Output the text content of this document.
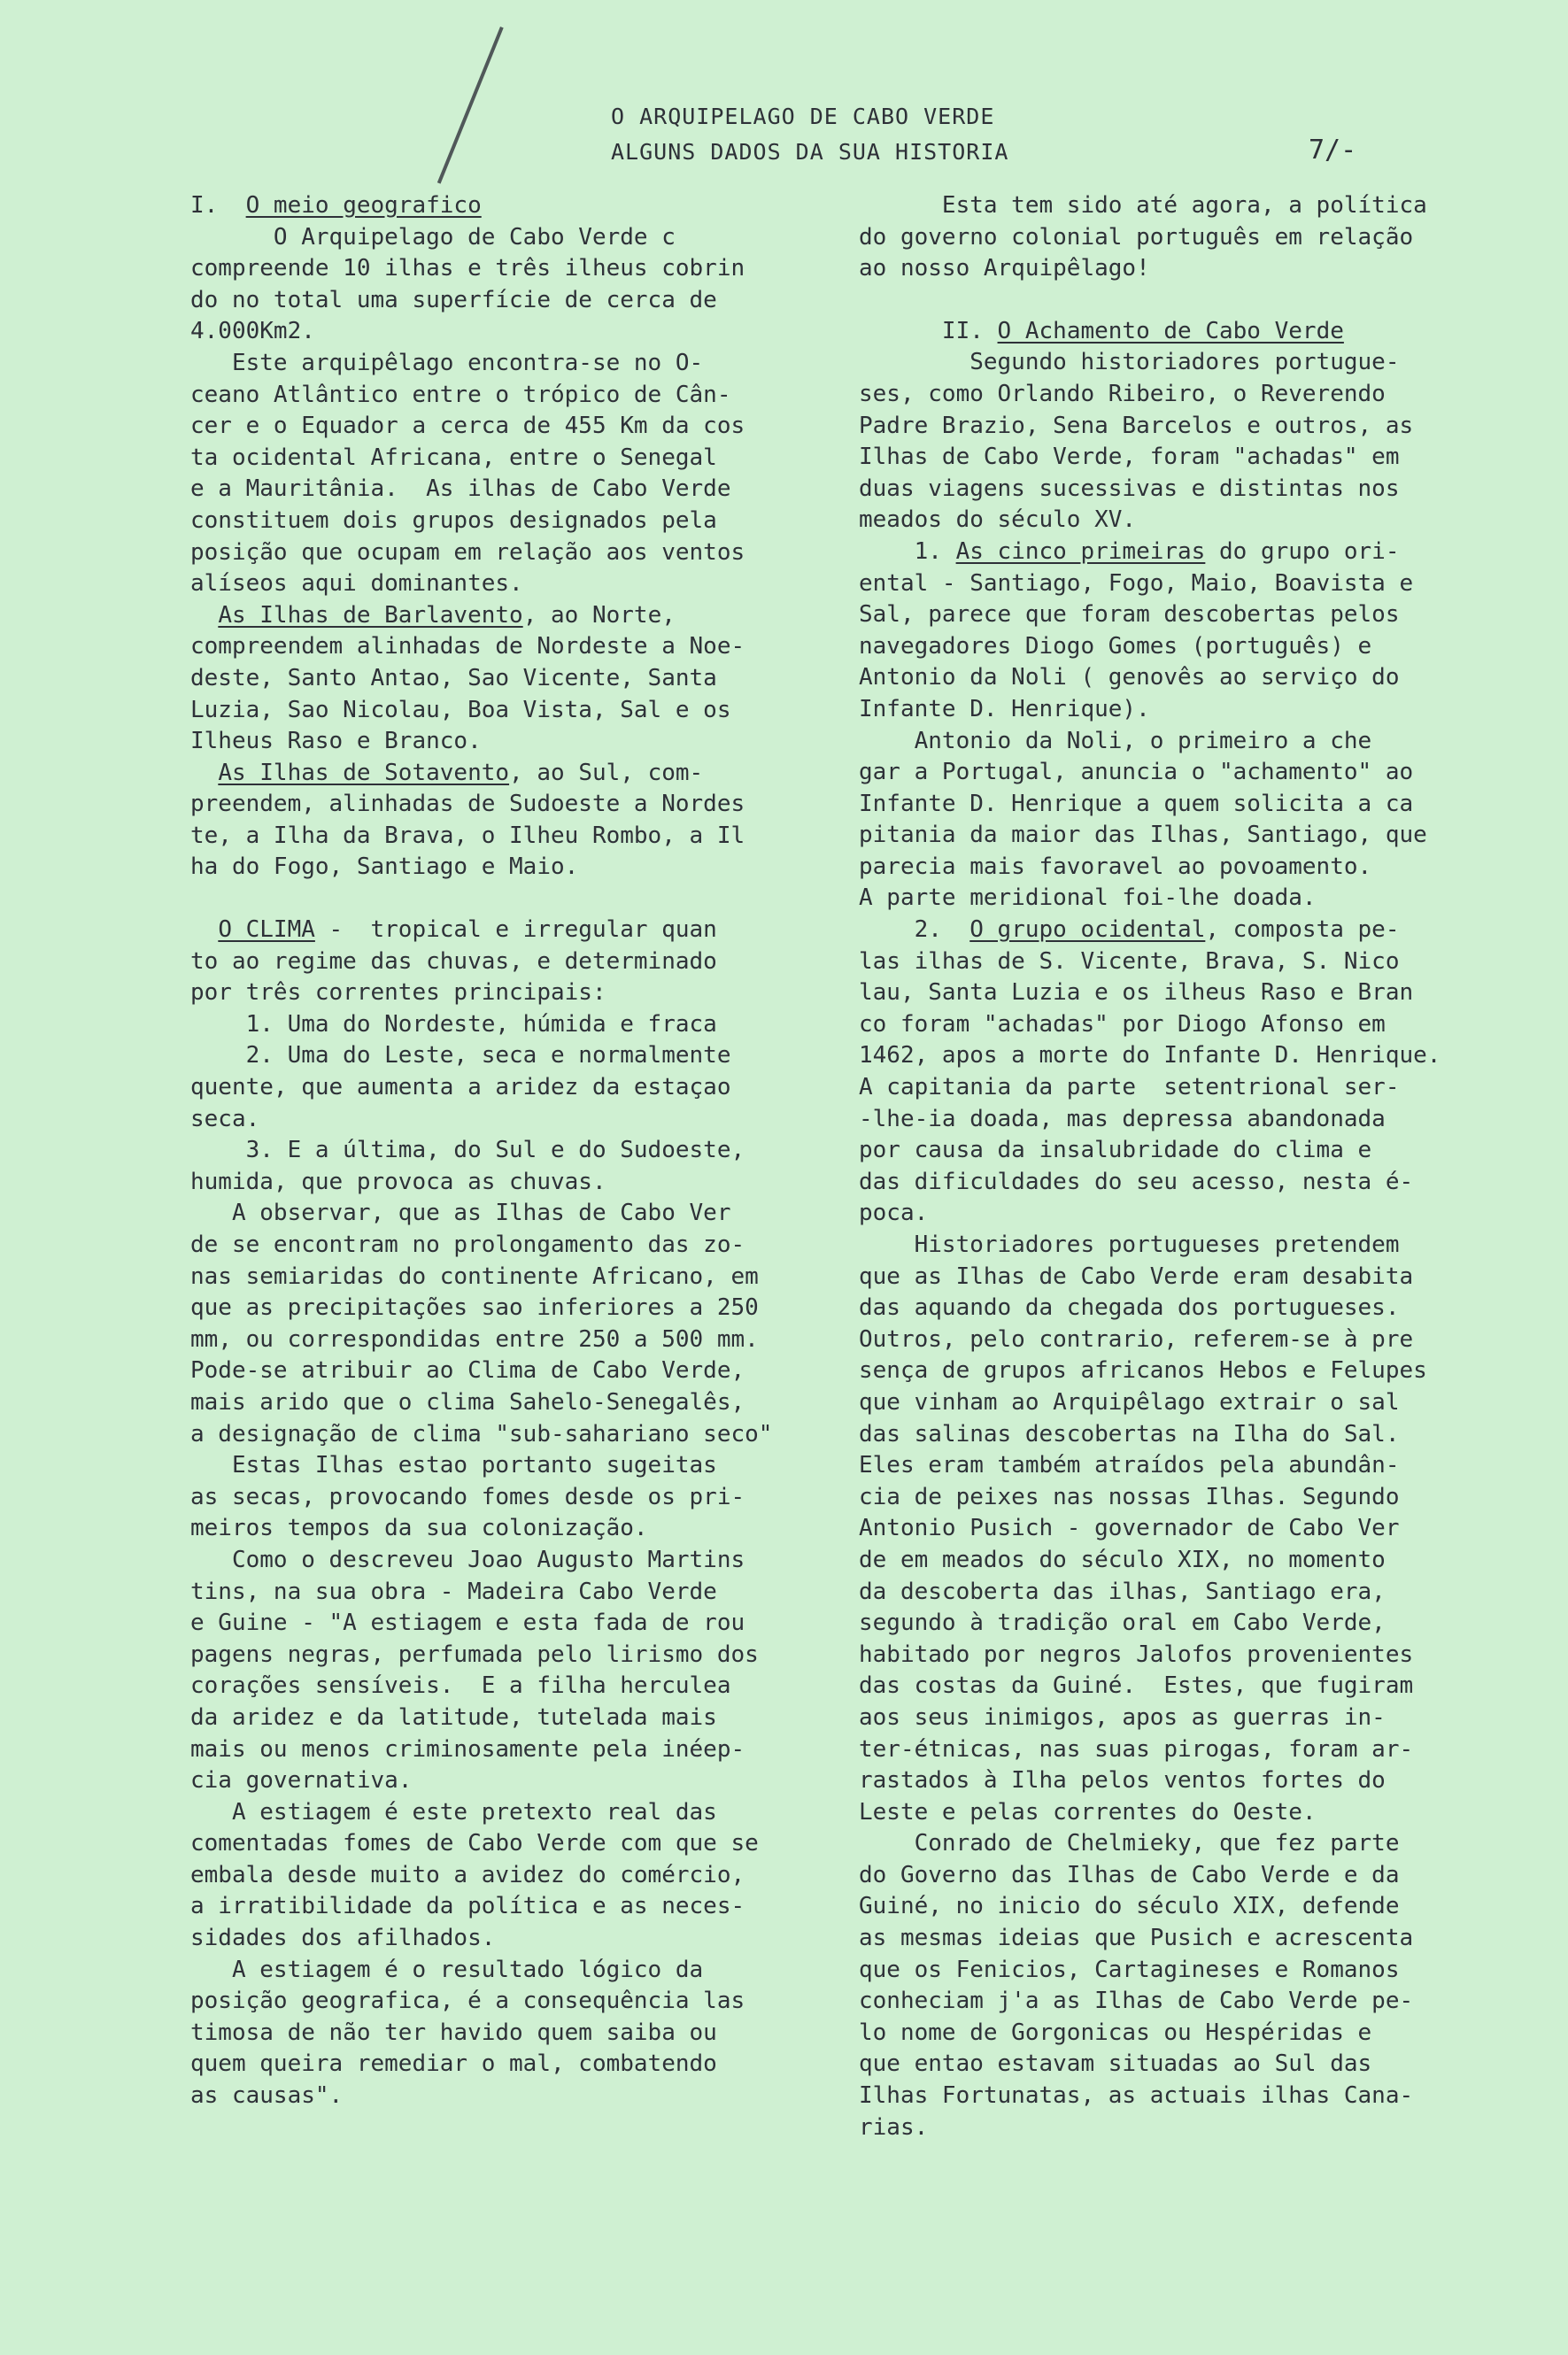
O ARQUIPELAGO DE CABO VERDE
ALGUNS DADOS DA SUA HISTORIA	7/-
I.  O meio geografico
O Arquipelago de Cabo Verde c
compreende 10 ilhas e três ilheus cobrin
do no total uma superfície de cerca de
4.000Km2.
Este arquipêlago encontra-se no O-
ceano Atlântico entre o trópico de Cân-
cer e o Equador a cerca de 455 Km da cos
ta ocidental Africana, entre o Senegal
e a Mauritânia.  As ilhas de Cabo Verde
constituem dois grupos designados pela
posição que ocupam em relação aos ventos
alíseos aqui dominantes.
As Ilhas de Barlavento, ao Norte,
compreendem alinhadas de Nordeste a Noe-
deste, Santo Antao, Sao Vicente, Santa
Luzia, Sao Nicolau, Boa Vista, Sal e os
Ilheus Raso e Branco.
As Ilhas de Sotavento, ao Sul, com-
preendem, alinhadas de Sudoeste a Nordes
te, a Ilha da Brava, o Ilheu Rombo, a Il
ha do Fogo, Santiago e Maio.
O CLIMA -  tropical e irregular quan
to ao regime das chuvas, e determinado
por três correntes principais:
1. Uma do Nordeste, húmida e fraca
2. Uma do Leste, seca e normalmente
quente, que aumenta a aridez da estaçao
seca.
3. E a última, do Sul e do Sudoeste,
humida, que provoca as chuvas.
A observar, que as Ilhas de Cabo Ver
de se encontram no prolongamento das zo-
nas semiaridas do continente Africano, em
que as precipitações sao inferiores a 250
mm, ou correspondidas entre 250 a 500 mm.
Pode-se atribuir ao Clima de Cabo Verde,
mais arido que o clima Sahelo-Senegalês,
a designação de clima "sub-sahariano seco"
Estas Ilhas estao portanto sugeitas
as secas, provocando fomes desde os pri-
meiros tempos da sua colonização.
Como o descreveu Joao Augusto Martins
tins, na sua obra - Madeira Cabo Verde
e Guine - "A estiagem e esta fada de rou
pagens negras, perfumada pelo lirismo dos
corações sensíveis.  E a filha herculea
da aridez e da latitude, tutelada mais
mais ou menos criminosamente pela inéep-
cia governativa.
A estiagem é este pretexto real das
comentadas fomes de Cabo Verde com que se
embala desde muito a avidez do comércio,
a irratibilidade da política e as neces-
sidades dos afilhados.
A estiagem é o resultado lógico da
posição geografica, é a consequência las
timosa de não ter havido quem saiba ou
quem queira remediar o mal, combatendo
as causas".
Esta tem sido até agora, a política
do governo colonial português em relação
ao nosso Arquipêlago!
II. O Achamento de Cabo Verde
Segundo historiadores portugue-
ses, como Orlando Ribeiro, o Reverendo
Padre Brazio, Sena Barcelos e outros, as
Ilhas de Cabo Verde, foram "achadas" em
duas viagens sucessivas e distintas nos
meados do século XV.
1. As cinco primeiras do grupo ori-
ental - Santiago, Fogo, Maio, Boavista e
Sal, parece que foram descobertas pelos
navegadores Diogo Gomes (português) e
Antonio da Noli ( genovês ao serviço do
Infante D. Henrique).
Antonio da Noli, o primeiro a che
gar a Portugal, anuncia o "achamento" ao
Infante D. Henrique a quem solicita a ca
pitania da maior das Ilhas, Santiago, que
parecia mais favoravel ao povoamento.
A parte meridional foi-lhe doada.
2.  O grupo ocidental, composta pe-
las ilhas de S. Vicente, Brava, S. Nico
lau, Santa Luzia e os ilheus Raso e Bran
co foram "achadas" por Diogo Afonso em
1462, apos a morte do Infante D. Henrique.
A capitania da parte  setentrional ser-
-lhe-ia doada, mas depressa abandonada
por causa da insalubridade do clima e
das dificuldades do seu acesso, nesta é-
poca.
Historiadores portugueses pretendem
que as Ilhas de Cabo Verde eram desabita
das aquando da chegada dos portugueses.
Outros, pelo contrario, referem-se à pre
sença de grupos africanos Hebos e Felupes
que vinham ao Arquipêlago extrair o sal
das salinas descobertas na Ilha do Sal.
Eles eram também atraídos pela abundân-
cia de peixes nas nossas Ilhas. Segundo
Antonio Pusich - governador de Cabo Ver
de em meados do século XIX, no momento
da descoberta das ilhas, Santiago era,
segundo à tradição oral em Cabo Verde,
habitado por negros Jalofos provenientes
das costas da Guiné.  Estes, que fugiram
aos seus inimigos, apos as guerras in-
ter-étnicas, nas suas pirogas, foram ar-
rastados à Ilha pelos ventos fortes do
Leste e pelas correntes do Oeste.
Conrado de Chelmieky, que fez parte
do Governo das Ilhas de Cabo Verde e da
Guiné, no inicio do século XIX, defende
as mesmas ideias que Pusich e acrescenta
que os Fenicios, Cartagineses e Romanos
conheciam j'a as Ilhas de Cabo Verde pe-
lo nome de Gorgonicas ou Hespéridas e
que entao estavam situadas ao Sul das
Ilhas Fortunatas, as actuais ilhas Cana-
rias.
